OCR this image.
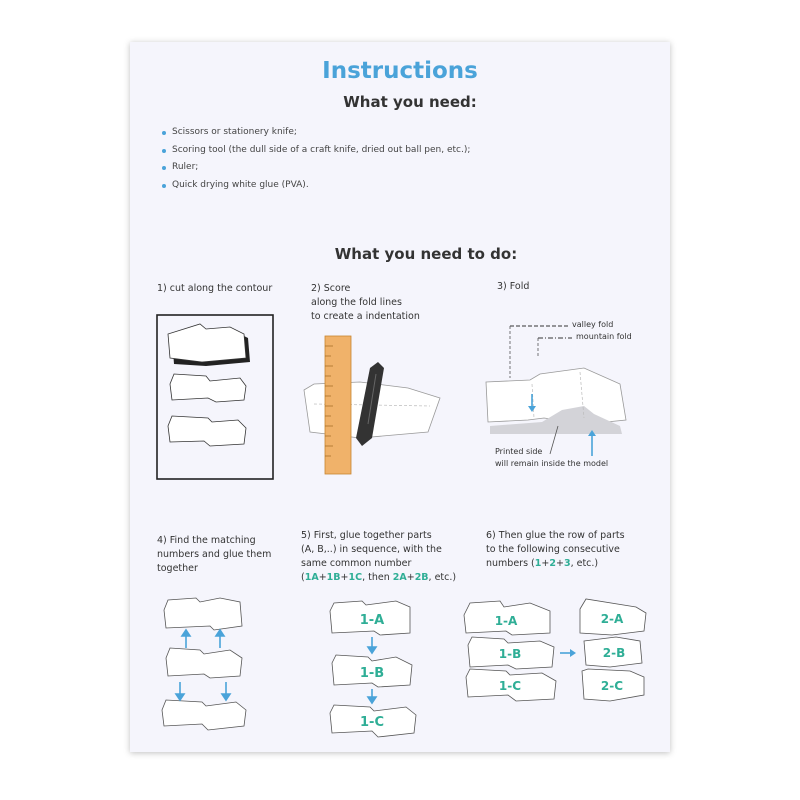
Instructions
What you need:
Scissors or stationery knife;
Scoring tool (the dull side of a craft knife, dried out ball pen, etc.);
Ruler;
Quick drying white glue (PVA).
What you need to do:
1) cut along the contour	2) Score
along the fold lines
to create a indentation
3) Fold
valley fold
mountain fold
Printed side
will remain inside the model
4) Find the matching
numbers and glue them
together
5) First, glue together parts
(A, B,..) in sequence, with the
same common number
(1A+1B+1C, then 2A+2B, etc.)
1-A
1-B
1-C
6) Then glue the row of parts
to the following consecutive
numbers (1+2+3, etc.)
1-A
1-B
1-C
2-A
2-B
2-C
